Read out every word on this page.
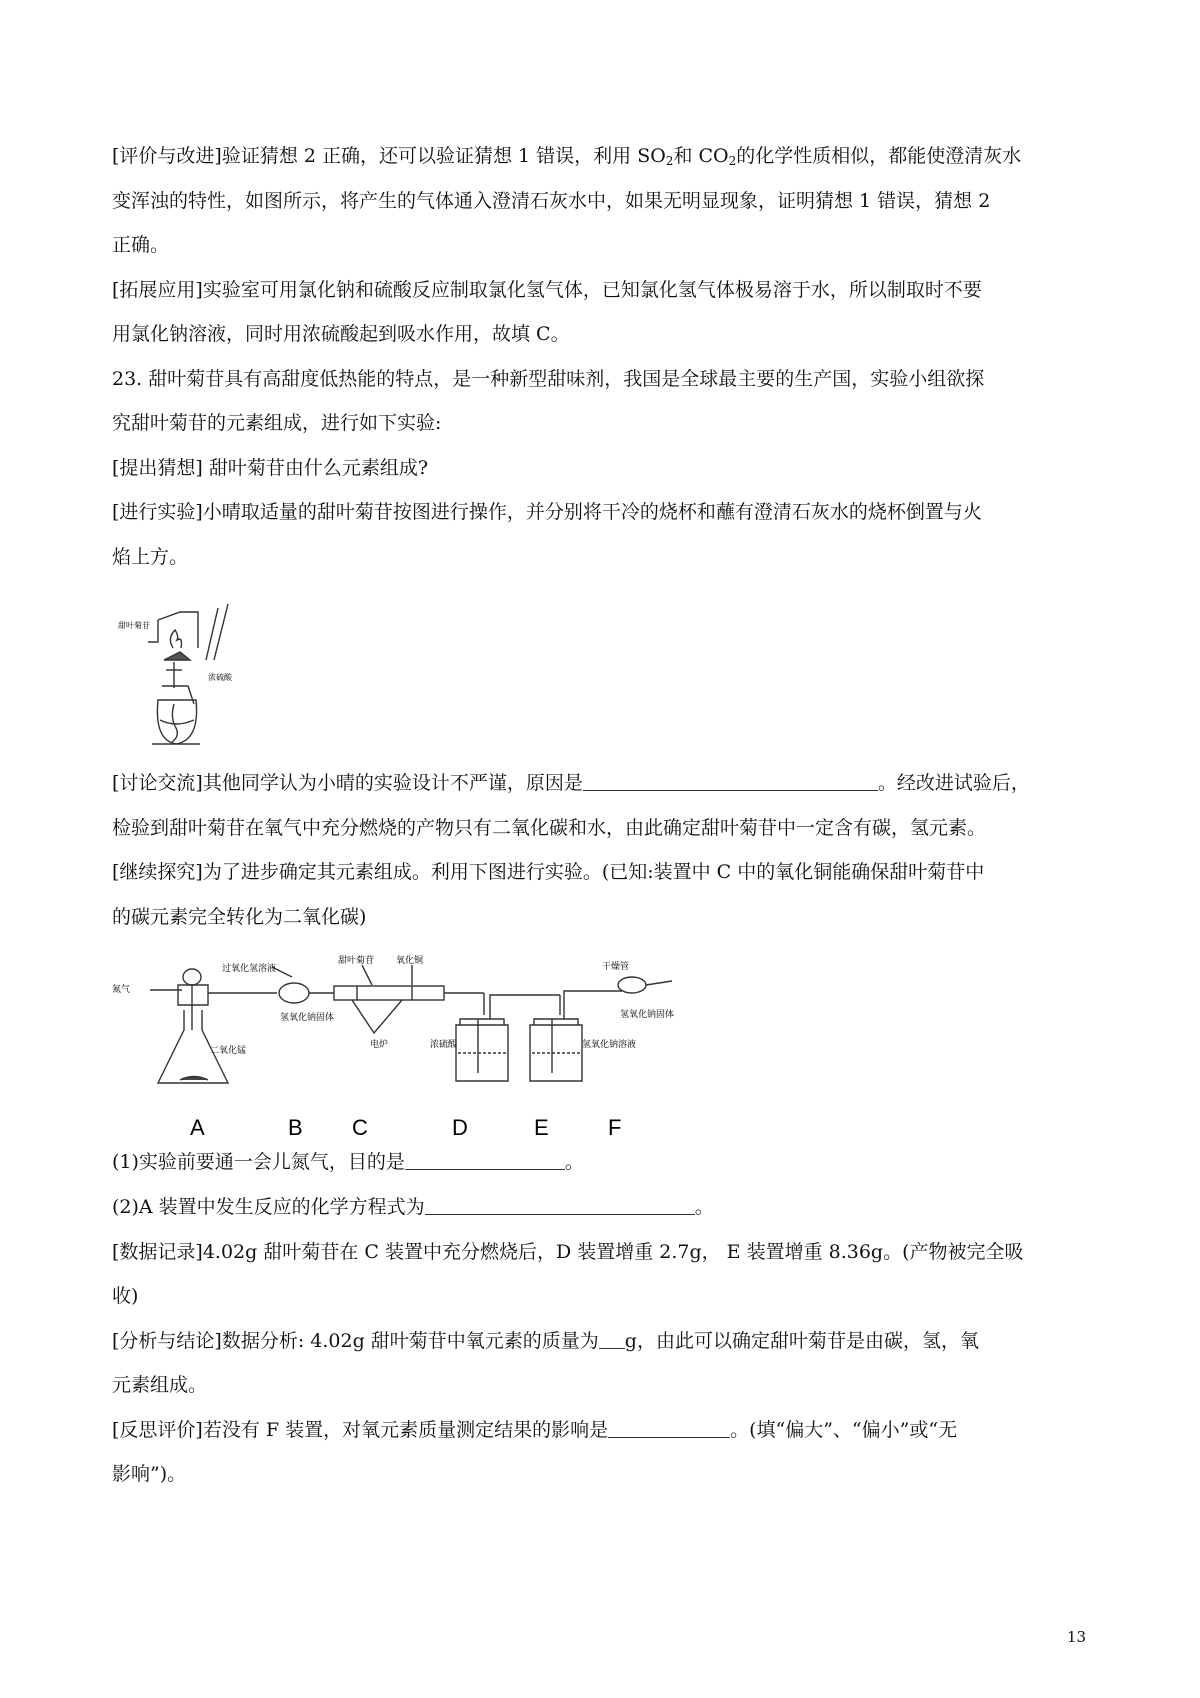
[评价与改进]验证猜想 2 正确，还可以验证猜想 1 错误，利用 $SO_2$和 $CO_2$的化学性质相似，都能使澄清灰水
变浑浊的特性，如图所示，将产生的气体通入澄清石灰水中，如果无明显现象，证明猜想 1 错误，猜想 2
正确。
[拓展应用]实验室可用氯化钠和硫酸反应制取氯化氢气体，已知氯化氢气体极易溶于水，所以制取时不要
用氯化钠溶液，同时用浓硫酸起到吸水作用，故填 C。
23. 甜叶菊苷具有高甜度低热能的特点，是一种新型甜味剂，我国是全球最主要的生产国，实验小组欲探
究甜叶菊苷的元素组成，进行如下实验:
[提出猜想] 甜叶菊苷由什么元素组成?
[进行实验]小晴取适量的甜叶菊苷按图进行操作，并分别将干冷的烧杯和蘸有澄清石灰水的烧杯倒置与火
焰上方。
甜叶菊苷
浓硫酸
[讨论交流]其他同学认为小晴的实验设计不严谨，原因是	。经改进试验后，
检验到甜叶菊苷在氧气中充分燃烧的产物只有二氧化碳和水，由此确定甜叶菊苷中一定含有碳，氢元素。
[继续探究]为了进步确定其元素组成。利用下图进行实验。(已知:装置中 C 中的氧化铜能确保甜叶菊苷中
的碳元素完全转化为二氧化碳)
氮气
过氧化氢溶液
二氧化锰
氢氧化钠固体
甜叶菊苷 氧化铜
电炉	浓硫酸	氢氧化钠溶液
干燥管
氢氧化钠固体
A	B C	D	E	F
(1)实验前要通一会儿氮气，目的是	。
(2)A 装置中发生反应的化学方程式为	。
[数据记录]4.02g 甜叶菊苷在 C 装置中充分燃烧后，D 装置增重 2.7g， E 装置增重 8.36g。(产物被完全吸
收)
[分析与结论]数据分析: 4.02g 甜叶菊苷中氧元素的质量为 g，由此可以确定甜叶菊苷是由碳，氢，氧
元素组成。
[反思评价]若没有 F 装置，对氧元素质量测定结果的影响是	。(填“偏大”、“偏小”或“无
影响”)。
13
